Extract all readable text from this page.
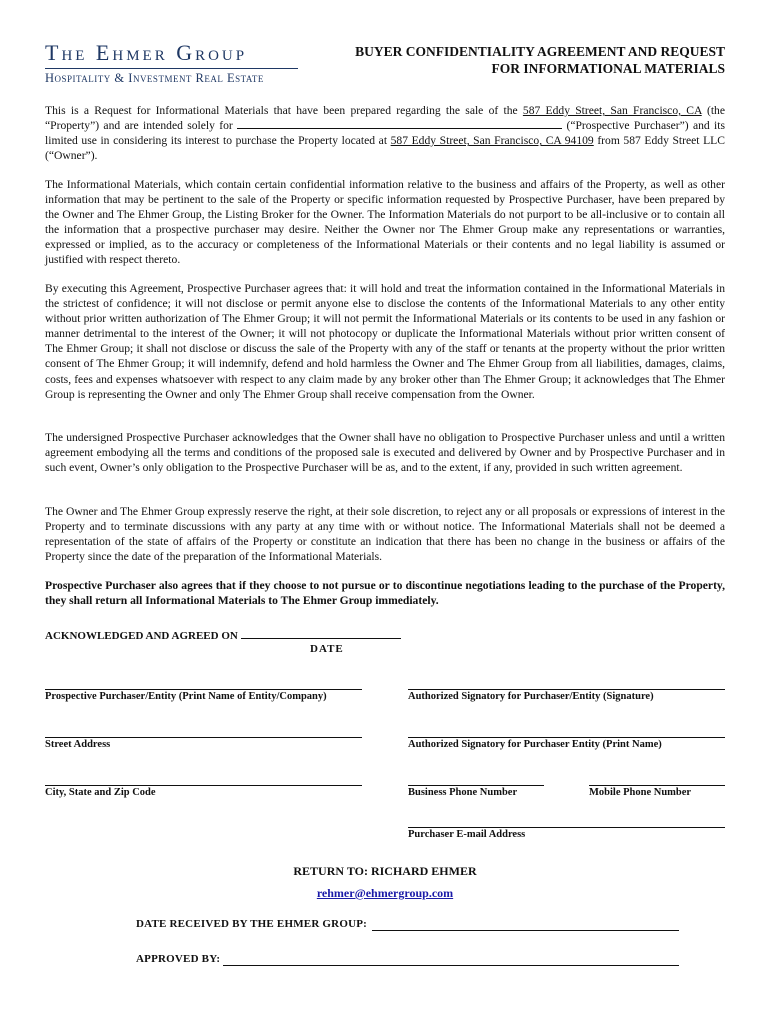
The Ehmer Group
Hospitality & Investment Real Estate
BUYER CONFIDENTIALITY AGREEMENT AND REQUEST
FOR INFORMATIONAL MATERIALS
This is a Request for Informational Materials that have been prepared regarding the sale of the 587 Eddy Street, San Francisco, CA (the “Property”) and are intended solely for	(“Prospective Purchaser”) and its limited use in considering its interest to purchase the Property located at 587 Eddy Street, San Francisco, CA 94109 from 587 Eddy Street LLC (“Owner”).
The Informational Materials, which contain certain confidential information relative to the business and affairs of the Property, as well as other information that may be pertinent to the sale of the Property or specific information requested by Prospective Purchaser, have been prepared by the Owner and The Ehmer Group, the Listing Broker for the Owner. The Information Materials do not purport to be all-inclusive or to contain all the information that a prospective purchaser may desire. Neither the Owner nor The Ehmer Group make any representations or warranties, expressed or implied, as to the accuracy or completeness of the Informational Materials or their contents and no legal liability is assumed or justified with respect thereto.
By executing this Agreement, Prospective Purchaser agrees that: it will hold and treat the information contained in the Informational Materials in the strictest of confidence; it will not disclose or permit anyone else to disclose the contents of the Informational Materials to any other entity without prior written authorization of The Ehmer Group; it will not permit the Informational Materials or its contents to be used in any fashion or manner detrimental to the interest of the Owner; it will not photocopy or duplicate the Informational Materials without prior written consent of The Ehmer Group; it shall not disclose or discuss the sale of the Property with any of the staff or tenants at the property without the prior written consent of The Ehmer Group; it will indemnify, defend and hold harmless the Owner and The Ehmer Group from all liabilities, damages, claims, costs, fees and expenses whatsoever with respect to any claim made by any broker other than The Ehmer Group; it acknowledges that The Ehmer Group is representing the Owner and only The Ehmer Group shall receive compensation from the Owner.
The undersigned Prospective Purchaser acknowledges that the Owner shall have no obligation to Prospective Purchaser unless and until a written agreement embodying all the terms and conditions of the proposed sale is executed and delivered by Owner and by Prospective Purchaser and in such event, Owner’s only obligation to the Prospective Purchaser will be as, and to the extent, if any, provided in such written agreement.
The Owner and The Ehmer Group expressly reserve the right, at their sole discretion, to reject any or all proposals or expressions of interest in the Property and to terminate discussions with any party at any time with or without notice. The Informational Materials shall not be deemed a representation of the state of affairs of the Property or constitute an indication that there has been no change in the business or affairs of the Property since the date of the preparation of the Informational Materials.
Prospective Purchaser also agrees that if they choose to not pursue or to discontinue negotiations leading to the purchase of the Property, they shall return all Informational Materials to The Ehmer Group immediately.
ACKNOWLEDGED AND AGREED ON
DATE
Prospective Purchaser/Entity (Print Name of Entity/Company)	Authorized Signatory for Purchaser/Entity (Signature)
Street Address	Authorized Signatory for Purchaser Entity (Print Name)
City, State and Zip Code	Business Phone Number	Mobile Phone Number
Purchaser E-mail Address
RETURN TO: RICHARD EHMER
rehmer@ehmergroup.com
DATE RECEIVED BY THE EHMER GROUP:
APPROVED BY:
